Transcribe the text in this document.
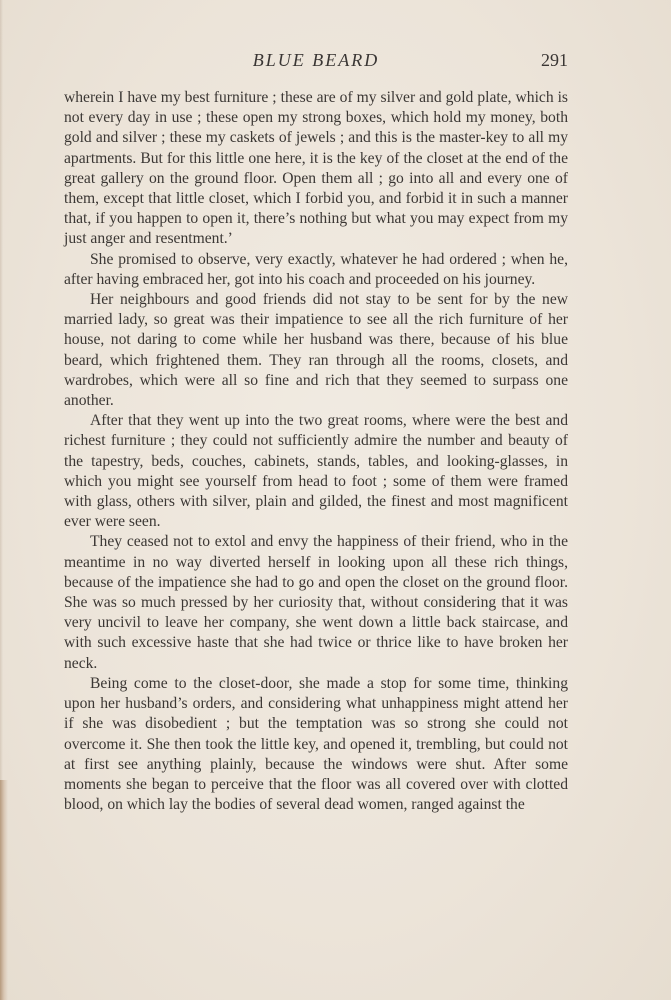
BLUE BEARD	291

wherein I have my best furniture ; these are of my silver and gold plate, which is not every day in use ; these open my strong boxes, which hold my money, both gold and silver ; these my caskets of jewels ; and this is the master-key to all my apartments. But for this little one here, it is the key of the closet at the end of the great gallery on the ground floor. Open them all ; go into all and every one of them, except that little closet, which I forbid you, and forbid it in such a manner that, if you happen to open it, there’s nothing but what you may expect from my just anger and resentment.’

She promised to observe, very exactly, whatever he had ordered ; when he, after having embraced her, got into his coach and proceeded on his journey.

Her neighbours and good friends did not stay to be sent for by the new married lady, so great was their impatience to see all the rich furniture of her house, not daring to come while her husband was there, because of his blue beard, which frightened them. They ran through all the rooms, closets, and wardrobes, which were all so fine and rich that they seemed to surpass one another.

After that they went up into the two great rooms, where were the best and richest furniture ; they could not sufficiently admire the number and beauty of the tapestry, beds, couches, cabinets, stands, tables, and looking-glasses, in which you might see yourself from head to foot ; some of them were framed with glass, others with silver, plain and gilded, the finest and most magnificent ever were seen.

They ceased not to extol and envy the happiness of their friend, who in the meantime in no way diverted herself in looking upon all these rich things, because of the impatience she had to go and open the closet on the ground floor. She was so much pressed by her curiosity that, without considering that it was very uncivil to leave her company, she went down a little back staircase, and with such excessive haste that she had twice or thrice like to have broken her neck.

Being come to the closet-door, she made a stop for some time, thinking upon her husband’s orders, and considering what unhappiness might attend her if she was disobedient ; but the temptation was so strong she could not overcome it. She then took the little key, and opened it, trembling, but could not at first see anything plainly, because the windows were shut. After some moments she began to perceive that the floor was all covered over with clotted blood, on which lay the bodies of several dead women, ranged against the
